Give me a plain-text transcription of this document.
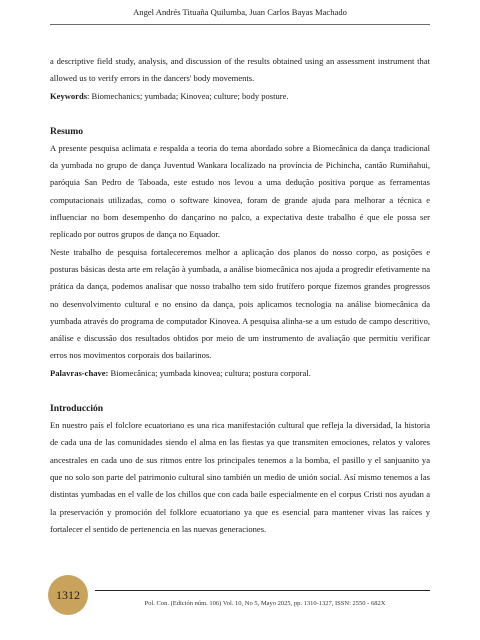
Angel Andrés Tituaña Quilumba, Juan Carlos Bayas Machado

a descriptive field study, analysis, and discussion of the results obtained using an assessment instrument that allowed us to verify errors in the dancers' body movements.

Keywords: Biomechanics; yumbada; Kinovea; culture; body posture.

Resumo

A presente pesquisa aclimata e respalda a teoria do tema abordado sobre a Biomecânica da dança tradicional da yumbada no grupo de dança Juventud Wankara localizado na província de Pichincha, cantão Rumiñahui, paróquia San Pedro de Taboada, este estudo nos levou a uma dedução positiva porque as ferramentas computacionais utilizadas, como o software kinovea, foram de grande ajuda para melhorar a técnica e influenciar no bom desempenho do dançarino no palco, a expectativa deste trabalho é que ele possa ser replicado por outros grupos de dança no Equador.

Neste trabalho de pesquisa fortaleceremos melhor a aplicação dos planos do nosso corpo, as posições e posturas básicas desta arte em relação à yumbada, a análise biomecânica nos ajuda a progredir efetivamente na prática da dança, podemos analisar que nosso trabalho tem sido frutífero porque fizemos grandes progressos no desenvolvimento cultural e no ensino da dança, pois aplicamos tecnologia na análise biomecânica da yumbada através do programa de computador Kinovea. A pesquisa alinha-se a um estudo de campo descritivo, análise e discussão dos resultados obtidos por meio de um instrumento de avaliação que permitiu verificar erros nos movimentos corporais dos bailarinos.

Palavras-chave: Biomecânica; yumbada kinovea; cultura; postura corporal.

Introducción

En nuestro país el folclore ecuatoriano es una rica manifestación cultural que refleja la diversidad, la historia de cada una de las comunidades siendo el alma en las fiestas ya que transmiten emociones, relatos y valores ancestrales en cada uno de sus ritmos entre los principales tenemos a la bomba, el pasillo y el sanjuanito ya que no solo son parte del patrimonio cultural sino también un medio de unión social. Así mismo tenemos a las distintas yumbadas en el valle de los chillos que con cada baile especialmente en el corpus Cristi nos ayudan a la preservación y promoción del folklore ecuatoriano ya que es esencial para mantener vivas las raíces y fortalecer el sentido de pertenencia en las nuevas generaciones.

1312
Pol. Con. (Edición núm. 106) Vol. 10, No 5, Mayo 2025, pp. 1310-1327, ISSN: 2550 - 682X
